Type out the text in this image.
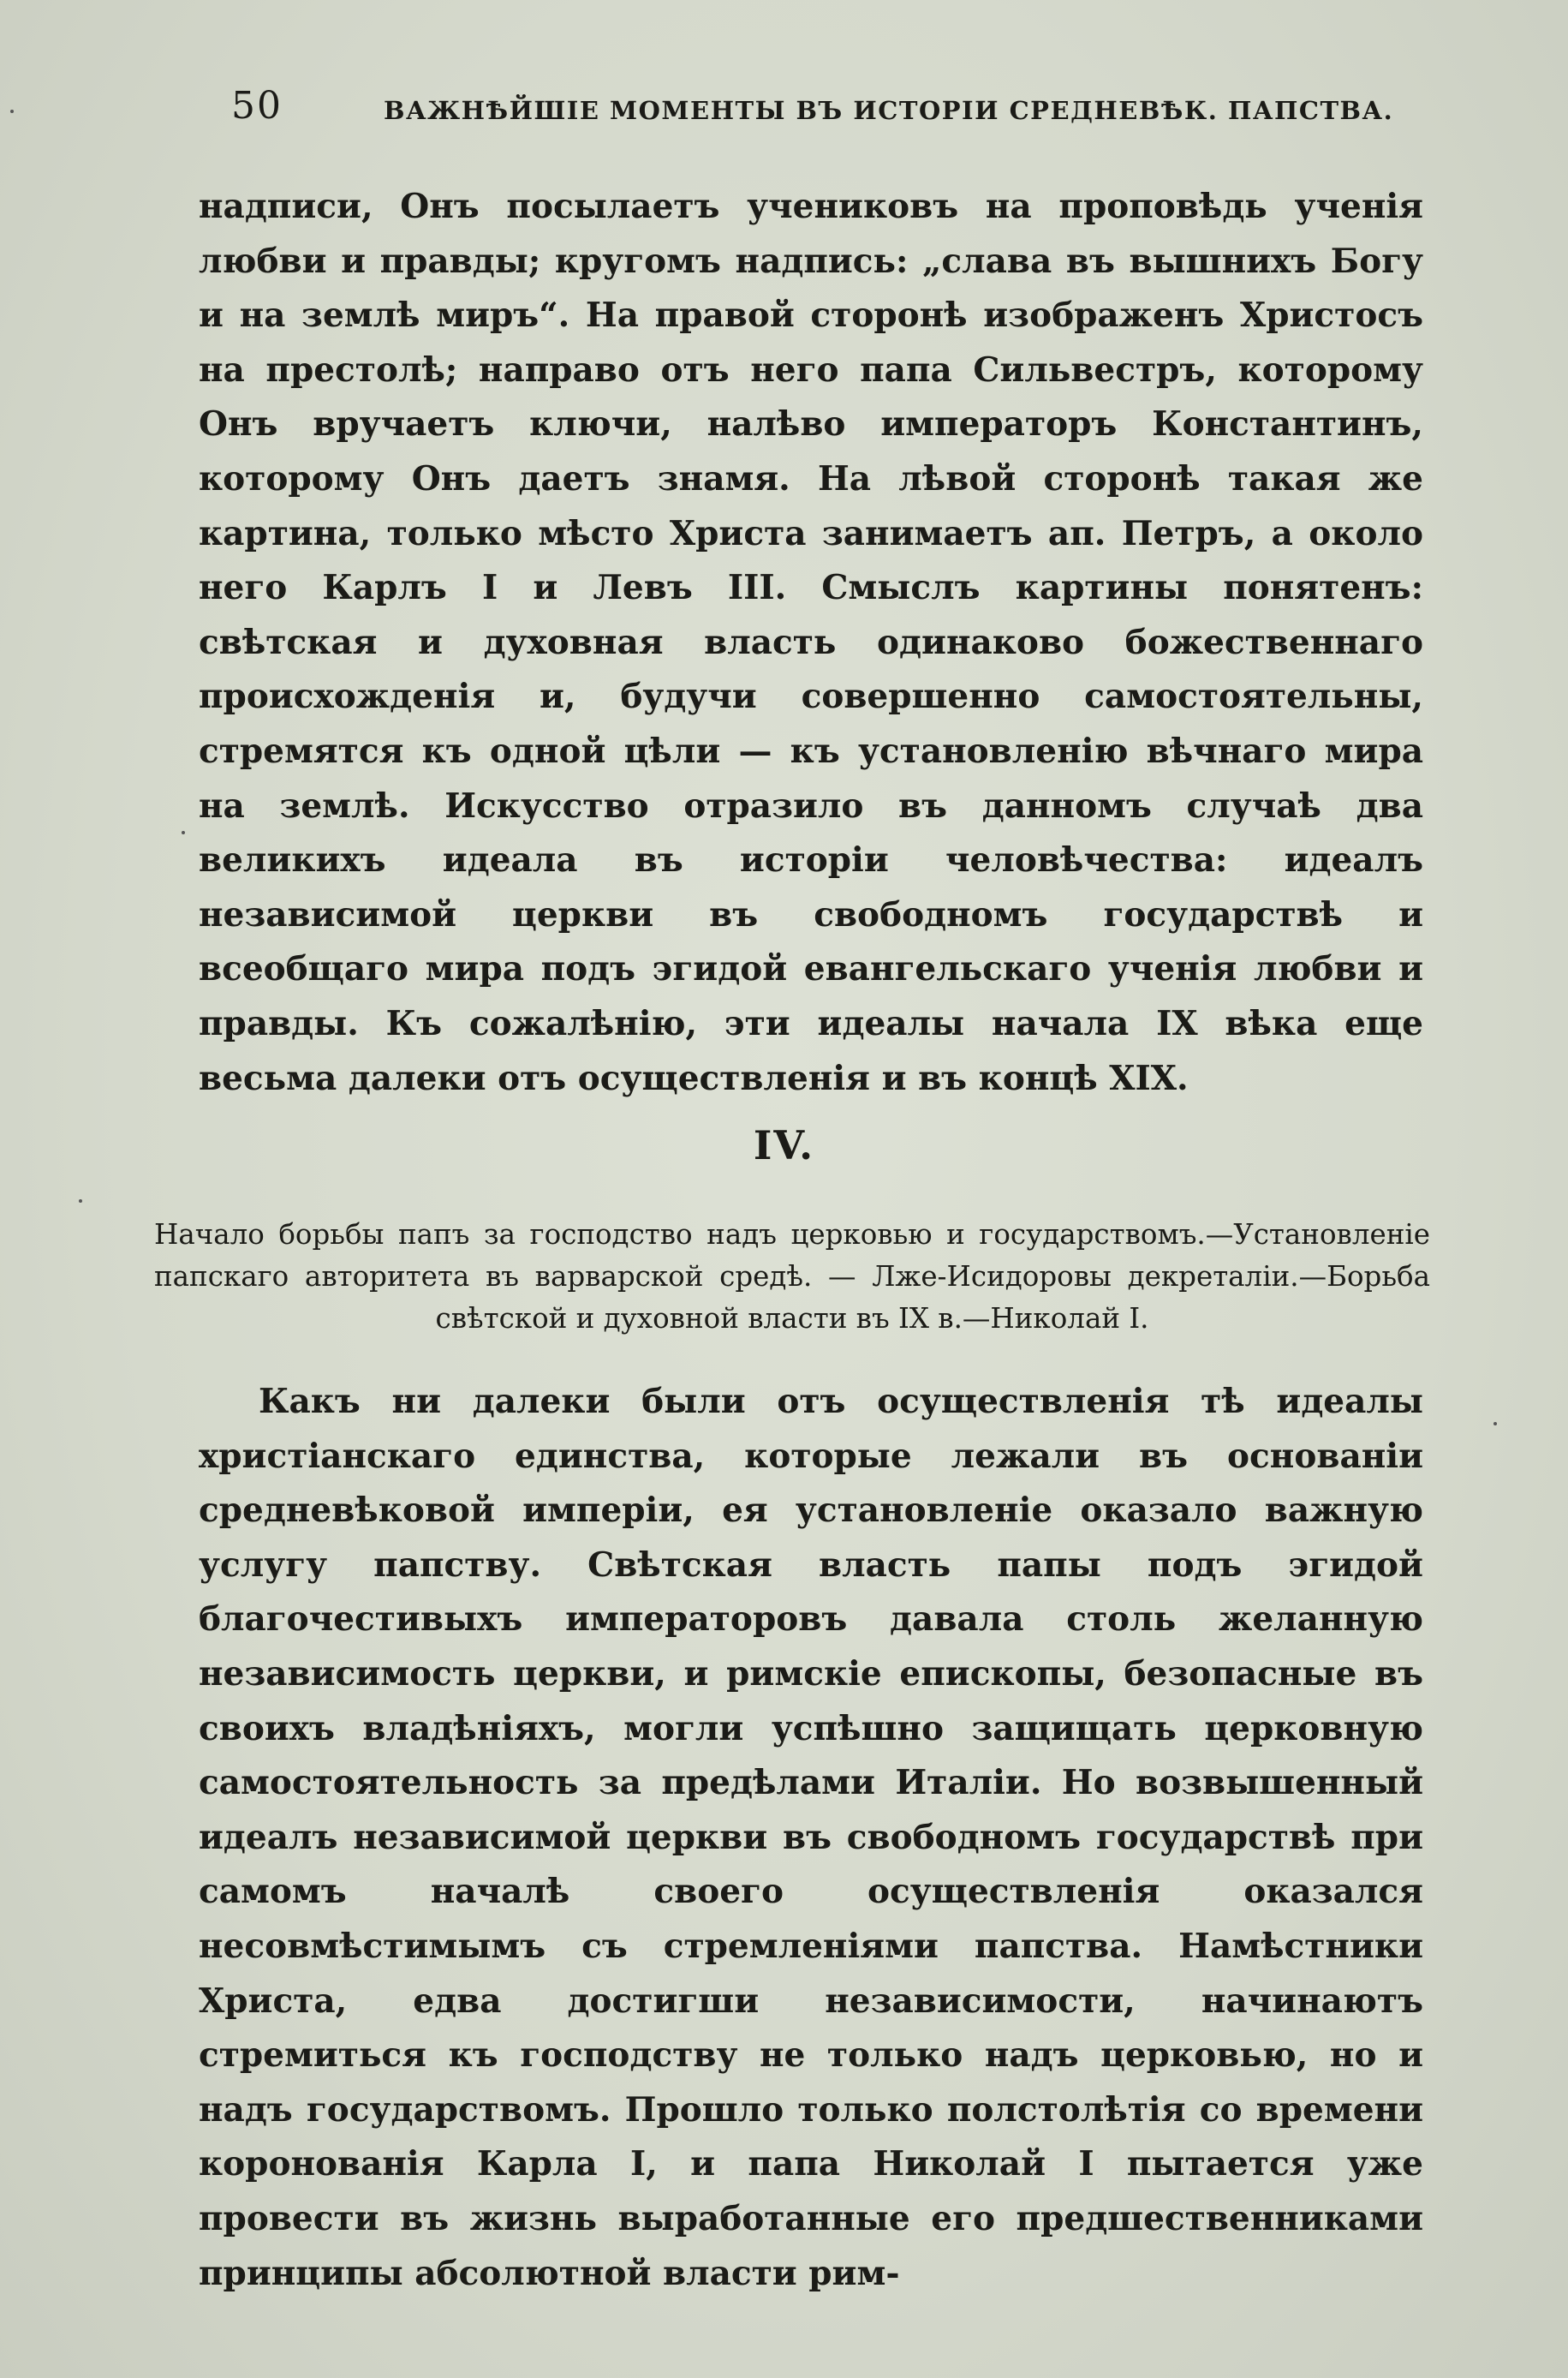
50	ВАЖНѢЙШІЕ МОМЕНТЫ ВЪ ИСТОРІИ СРЕДНЕВѢК. ПАПСТВА.

надписи, Онъ посылаетъ учениковъ на проповѣдь ученія любви и правды; кругомъ надпись: „слава въ вышнихъ Богу и на землѣ миръ“. На правой сторонѣ изображенъ Христосъ на престолѣ; направо отъ него папа Сильвестръ, которому Онъ вручаетъ ключи, налѣво императоръ Константинъ, которому Онъ даетъ знамя. На лѣвой сторонѣ такая же картина, только мѣсто Христа занимаетъ ап. Петръ, а около него Карлъ I и Левъ III. Смыслъ картины понятенъ: свѣтская и духовная власть одинаково божественнаго происхожденія и, будучи совершенно самостоятельны, стремятся къ одной цѣли — къ установленію вѣчнаго мира на землѣ. Искусство отразило въ данномъ случаѣ два великихъ идеала въ исторіи человѣчества: идеалъ независимой церкви въ свободномъ государствѣ и всеобщаго мира подъ эгидой евангельскаго ученія любви и правды. Къ сожалѣнію, эти идеалы начала IX вѣка еще весьма далеки отъ осуществленія и въ концѣ XIX.

IV.

Начало борьбы папъ за господство надъ церковью и государствомъ.—Установленіе папскаго авторитета въ варварской средѣ. — Лже-Исидоровы декреталіи.—Борьба свѣтской и духовной власти въ IX в.—Николай I.

Какъ ни далеки были отъ осуществленія тѣ идеалы христіанскаго единства, которые лежали въ основаніи средневѣковой имперіи, ея установленіе оказало важную услугу папству. Свѣтская власть папы подъ эгидой благочестивыхъ императоровъ давала столь желанную независимость церкви, и римскіе епископы, безопасные въ своихъ владѣніяхъ, могли успѣшно защищать церковную самостоятельность за предѣлами Италіи. Но возвышенный идеалъ независимой церкви въ свободномъ государствѣ при самомъ началѣ своего осуществленія оказался несовмѣстимымъ съ стремленіями папства. Намѣстники Христа, едва достигши независимости, начинаютъ стремиться къ господству не только надъ церковью, но и надъ государствомъ. Прошло только полстолѣтія со времени коронованія Карла I, и папа Николай I пытается уже провести въ жизнь выработанные его предшественниками принципы абсолютной власти рим-
